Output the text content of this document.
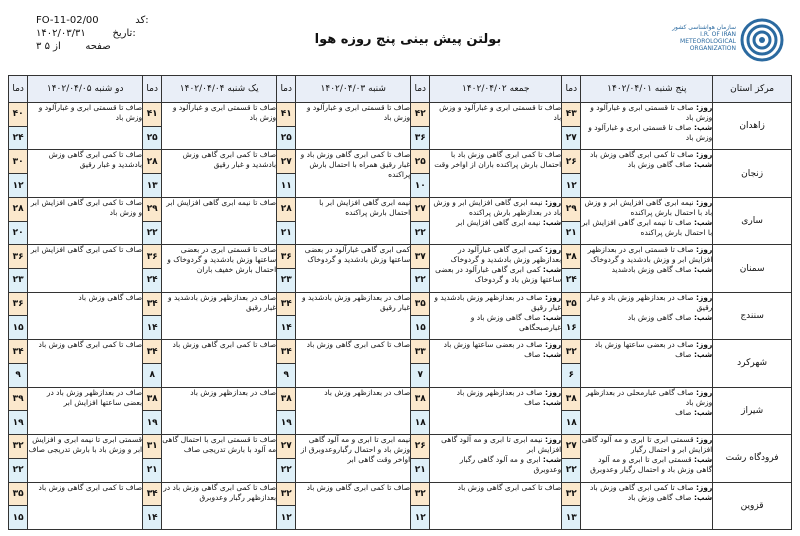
FO-11-02/00	کد:
۱۴۰۲/۰۳/۳۱	تاریخ:
۳ از ۵	صفحه	بولتن پیش بینی پنج روزه هوا
سازمان هواشناسی کشور I.R. OF IRAN METEOROLOGICAL ORGANIZATION
مرکز استان	پنج شنبه ۱۴۰۲/۰۴/۰۱	دما	جمعه ۱۴۰۲/۰۴/۰۲	دما	شنبه ۱۴۰۲/۰۴/۰۳	دما	یک شنبه ۱۴۰۲/۰۴/۰۴	دما	دو شنبه ۱۴۰۲/۰۴/۰۵	دما
زاهدان	روز: صاف تا قسمتی ابری و غبارآلود و وزش باد
شب: صاف تا قسمتی ابری و غبارآلود و وزش باد	۴۳	صاف تا قسمتی ابری و غبارآلود و وزش باد	۴۲	صاف تا قسمتی ابری و غبارآلود و وزش باد	۴۱	صاف تا قسمتی ابری و غبارآلود و وزش باد	۴۱	صاف تا قسمتی ابری و غبارآلود و وزش باد	۴۰
		۲۷		۳۶		۲۵		۲۵		۲۴
زنجان	روز: صاف تا کمی ابری گاهی وزش باد
شب: صاف گاهی وزش باد	۲۶	صاف تا کمی ابری گاهی وزش باد با احتمال بارش پراکنده باران از اواخر وقت	۲۵	صاف تا کمی ابری گاهی وزش باد و غبار رقیق همراه با احتمال بارش پراکنده	۲۷	صاف تا کمی ابری گاهی وزش بادشدید و غبار رقیق	۲۸	صاف تا کمی ابری گاهی وزش بادشدید و غبار رقیق	۳۰
		۱۲		۱۰		۱۱		۱۳		۱۲
ساری	روز: نیمه ابری گاهی افزایش ابر و وزش باد با احتمال بارش پراکنده
شب: صاف تا نیمه ابری گاهی افزایش ابر با احتمال بارش پراکنده	۲۹	روز: نیمه ابری گاهی افزایش ابر و وزش باد در بعدازظهر بارش پراکنده
شب: نیمه ابری گاهی افزایش ابر	۲۷	نیمه ابری گاهی افزایش ابر با احتمال بارش پراکنده	۲۸	صاف تا نیمه ابری گاهی افزایش ابر	۲۹	صاف تا کمی ابری گاهی افزایش ابر و وزش باد	۲۸
		۲۱		۲۲		۲۱		۲۲		۲۰
سمنان	روز: صاف تا قسمتی ابری در بعدازظهر افزایش ابر و وزش بادشدید و گردوخاک
شب: صاف گاهی وزش بادشدید	۳۸	روز: کمی ابری گاهی غبارآلود در بعدازظهر وزش بادشدید و گردوخاک
شب: کمی ابری گاهی غبارآلود در بعضی ساعتها وزش باد و گردوخاک	۳۷	کمی ابری گاهی غبارآلود در بعضی ساعتها وزش بادشدید و گردوخاک	۳۶	صاف تا قسمتی ابری در بعضی ساعتها وزش بادشدید و گردوخاک و احتمال بارش خفیف باران	۳۶	صاف تا کمی ابری گاهی افزایش ابر	۳۶
		۲۴		۲۲		۲۳		۲۴		۲۳
سنندج	روز: صاف در بعدازظهر وزش باد و غبار رقیق
شب: صاف گاهی وزش باد	۳۵	روز: صاف در بعدازظهر وزش بادشدید و غبار رقیق
شب: صاف گاهی وزش باد و غبارصبحگاهی	۳۵	صاف در بعدازظهر وزش بادشدید و غبار رقیق	۳۴	صاف در بعدازظهر وزش بادشدید و غبار رقیق	۳۴	صاف گاهی وزش باد	۳۶
		۱۶		۱۵		۱۴		۱۴		۱۵
شهرکرد	روز: صاف در بعضی ساعتها وزش باد
شب: صاف	۳۲	روز: صاف در بعضی ساعتها وزش باد
شب: صاف	۳۳	صاف تا کمی ابری گاهی وزش باد	۳۴	صاف تا کمی ابری گاهی وزش باد	۳۴	صاف تا کمی ابری گاهی وزش باد	۳۴
		۶		۷		۹		۸		۹
شیراز	روز: صاف گاهی غبارمحلی در بعدازظهر وزش باد
شب: صاف	۳۸	روز: صاف در بعدازظهر وزش باد
شب: صاف	۳۸	صاف در بعدازظهر وزش باد	۳۸	صاف در بعدازظهر وزش باد	۳۸	صاف در بعدازظهر وزش باد در بعضی ساعتها افزایش ابر	۳۹
		۱۸		۱۸		۱۹		۱۹		۱۹
فرودگاه رشت	روز: قسمتی ابری تا ابری و مه آلود گاهی افزایش ابر و احتمال رگبار
شب: قسمتی ابری تا ابری و مه آلود گاهی وزش باد و احتمال رگبار وعدوبرق	۲۷	روز: نیمه ابری تا ابری و مه آلود گاهی افزایش ابر
شب: ابری و مه آلود گاهی رگبار وعدوبرق	۲۶	نیمه ابری تا ابری و مه آلود گاهی وزش باد و احتمال رگباروعدوبرق از اواخر وقت گاهی ابر	۲۷	صاف تا قسمتی ابری با احتمال گاهی مه آلود با بارش تدریجی صاف	۳۱	قسمتی ابری تا نیمه ابری و افزایش ابر و وزش باد با بارش تدریجی صاف	۳۲
		۲۲		۲۱		۲۲		۲۱		۲۲
قزوین	روز: صاف تا کمی ابری گاهی وزش باد
شب: صاف گاهی وزش باد	۳۲	صاف تا کمی ابری گاهی وزش باد	۳۲	صاف تا کمی ابری گاهی وزش باد	۳۲	صاف تا کمی ابری گاهی وزش باد در بعدازظهر رگبار وعدوبرق	۳۴	صاف تا کمی ابری گاهی وزش باد	۳۵
		۱۳		۱۲		۱۲		۱۴		۱۵
